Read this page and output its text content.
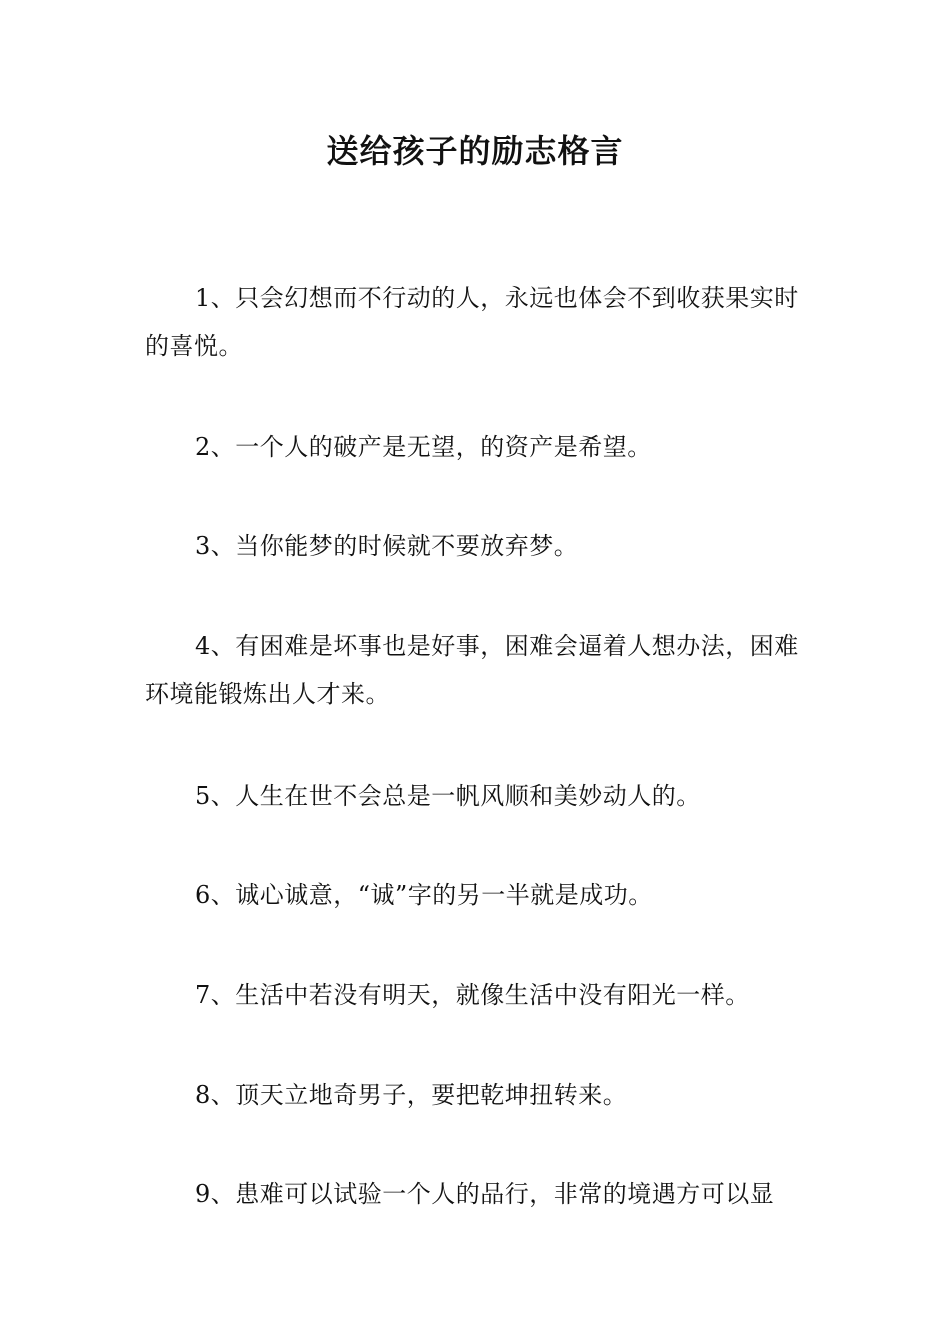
送给孩子的励志格言

1、只会幻想而不行动的人，永远也体会不到收获果实时的喜悦。

2、一个人的破产是无望，的资产是希望。

3、当你能梦的时候就不要放弃梦。

4、有困难是坏事也是好事，困难会逼着人想办法，困难环境能锻炼出人才来。

5、人生在世不会总是一帆风顺和美妙动人的。

6、诚心诚意，“诚”字的另一半就是成功。

7、生活中若没有明天，就像生活中没有阳光一样。

8、顶天立地奇男子，要把乾坤扭转来。

9、患难可以试验一个人的品行，非常的境遇方可以显
